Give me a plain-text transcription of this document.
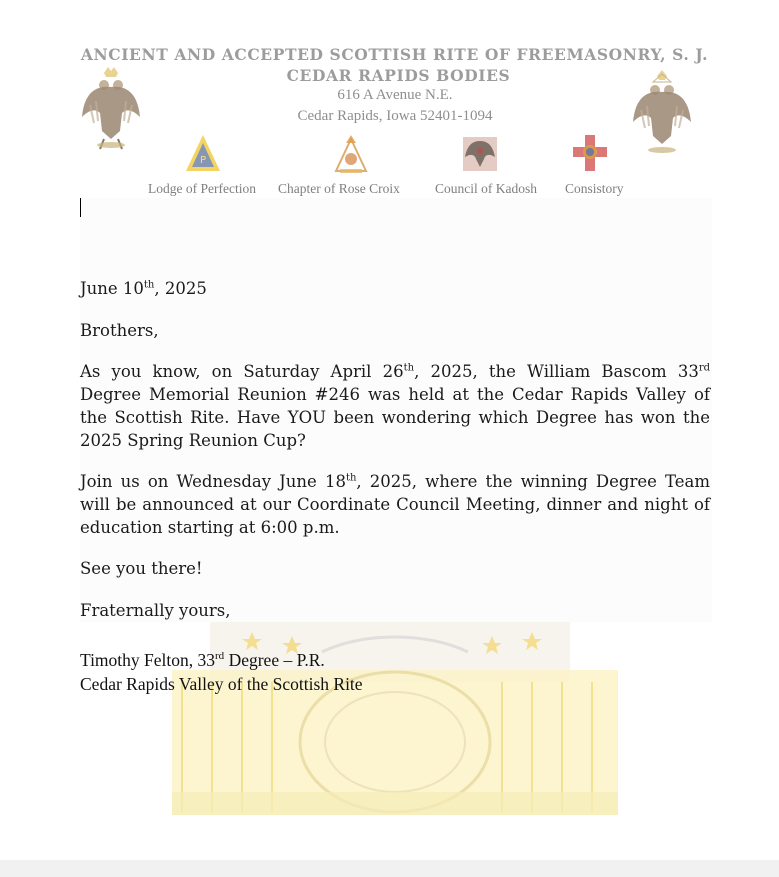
ANCIENT AND ACCEPTED SCOTTISH RITE OF FREEMASONRY, S. J.
CEDAR RAPIDS BODIES
616 A Avenue N.E.
Cedar Rapids, Iowa 52401-1094
P
Lodge of Perfection Chapter of Rose Croix	Council of Kadosh Consistory
June 10th, 2025
Brothers,
As you know, on Saturday April 26th, 2025, the William Bascom 33rd Degree Memorial Reunion #246 was held at the Cedar Rapids Valley of the Scottish Rite. Have YOU been wondering which Degree has won the 2025 Spring Reunion Cup?
Join us on Wednesday June 18th, 2025, where the winning Degree Team will be announced at our Coordinate Council Meeting, dinner and night of education starting at 6:00 p.m.
See you there!
Fraternally yours,
Timothy Felton, 33rd Degree – P.R.
Cedar Rapids Valley of the Scottish Rite
